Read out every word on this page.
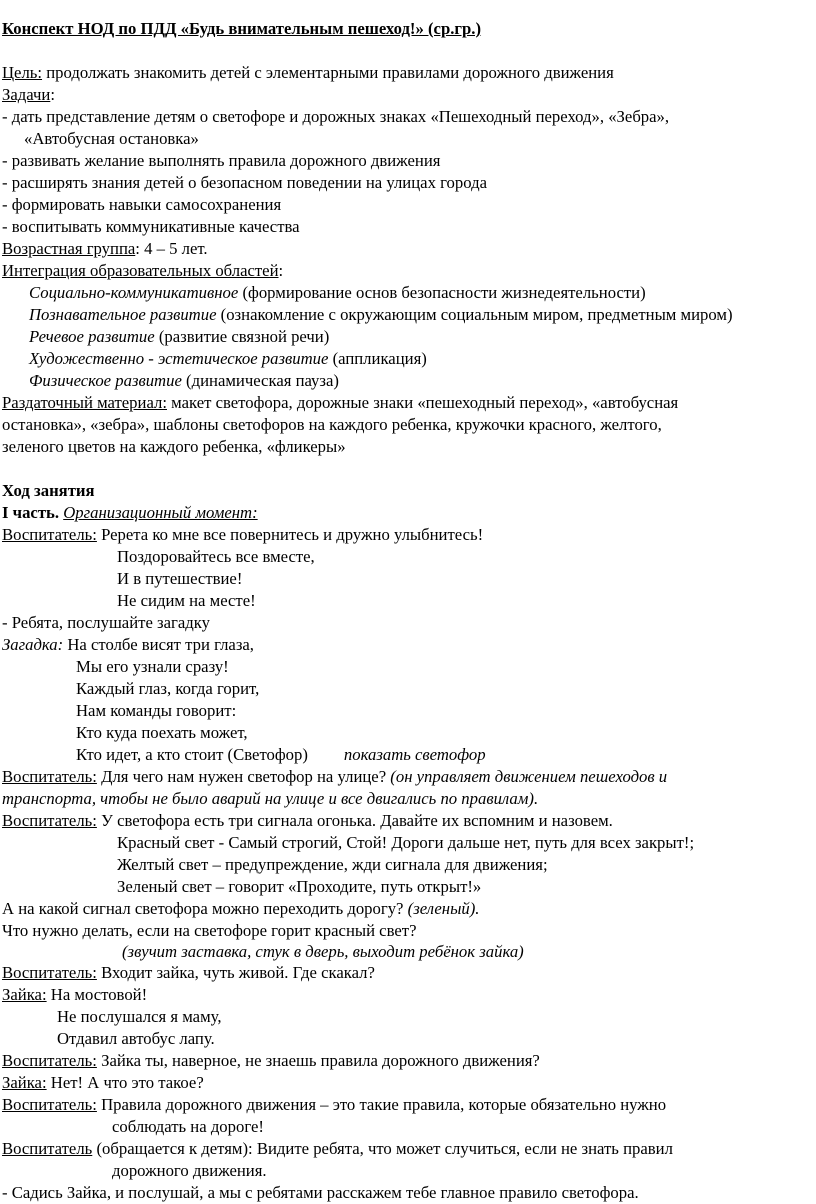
Конспект НОД по ПДД «Будь внимательным пешеход!» (ср.гр.)
Цель: продолжать знакомить детей с элементарными правилами дорожного движения
Задачи:
- дать представление детям о светофоре и дорожных знаках «Пешеходный переход», «Зебра»,
«Автобусная остановка»
- развивать желание выполнять правила дорожного движения
- расширять знания детей о безопасном поведении на улицах города
- формировать навыки самосохранения
- воспитывать коммуникативные качества
Возрастная группа: 4 – 5 лет.
Интеграция образовательных областей:
Социально-коммуникативное (формирование основ безопасности жизнедеятельности)
Познавательное развитие (ознакомление с окружающим социальным миром, предметным миром)
Речевое развитие (развитие связной речи)
Художественно - эстетическое развитие (аппликация)
Физическое развитие (динамическая пауза)
Раздаточный материал: макет светофора, дорожные знаки «пешеходный переход», «автобусная
остановка», «зебра», шаблоны светофоров на каждого ребенка, кружочки красного, желтого,
зеленого цветов на каждого ребенка, «фликеры»
Ход занятия
I часть. Организационный момент:
Воспитатель: Ререта ко мне все повернитесь и дружно улыбнитесь!
Поздоровайтесь все вместе,
И в путешествие!
Не сидим на месте!
- Ребята, послушайте загадку
Загадка: На столбе висят три глаза,
Мы его узнали сразу!
Каждый глаз, когда горит,
Нам команды говорит:
Кто куда поехать может,
Кто идет, а кто стоит (Светофор) показать светофор
Воспитатель: Для чего нам нужен светофор на улице? (он управляет движением пешеходов и
транспорта, чтобы не было аварий на улице и все двигались по правилам).
Воспитатель: У светофора есть три сигнала огонька. Давайте их вспомним и назовем.
Красный свет - Самый строгий, Стой! Дороги дальше нет, путь для всех закрыт!;
Желтый свет – предупреждение, жди сигнала для движения;
Зеленый свет – говорит «Проходите, путь открыт!»
А на какой сигнал светофора можно переходить дорогу? (зеленый).
Что нужно делать, если на светофоре горит красный свет?
(звучит заставка, стук в дверь, выходит ребёнок зайка)
Воспитатель: Входит зайка, чуть живой. Где скакал?
Зайка: На мостовой!
Не послушался я маму,
Отдавил автобус лапу.
Воспитатель: Зайка ты, наверное, не знаешь правила дорожного движения?
Зайка: Нет! А что это такое?
Воспитатель: Правила дорожного движения – это такие правила, которые обязательно нужно
соблюдать на дороге!
Воспитатель (обращается к детям): Видите ребята, что может случиться, если не знать правил
дорожного движения.
- Садись Зайка, и послушай, а мы с ребятами расскажем тебе главное правило светофора.
